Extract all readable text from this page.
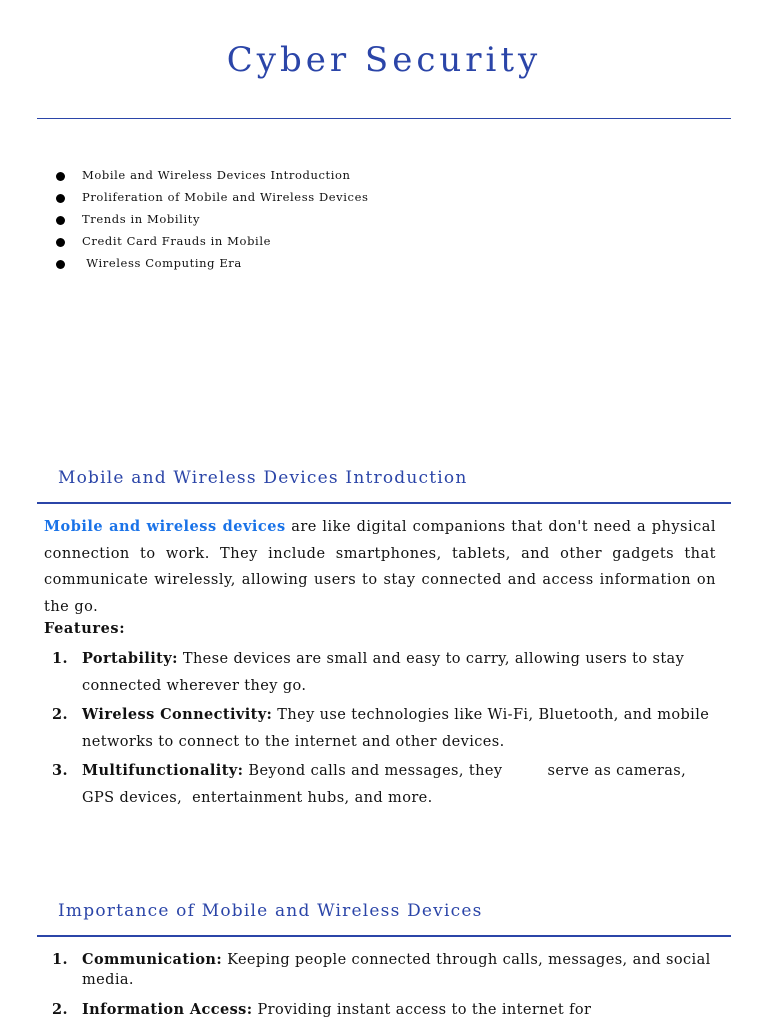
Cyber Security
Mobile and Wireless Devices Introduction
Proliferation of Mobile and Wireless Devices
Trends in Mobility
Credit Card Frauds in Mobile
Wireless Computing Era
Mobile and Wireless Devices Introduction

Mobile and wireless devices are like digital companions that don't need a physical connection to work. They include smartphones, tablets, and other gadgets that communicate wirelessly, allowing users to stay connected and access information on the go.

Features:

1. Portability: These devices are small and easy to carry, allowing users to stay connected wherever they go.
2. Wireless Connectivity: They use technologies like Wi-Fi, Bluetooth, and mobile networks to connect to the internet and other devices.
3. Multifunctionality: Beyond calls and messages, they         serve as cameras, GPS devices,  entertainment hubs, and more.
Importance of Mobile and Wireless Devices
1. Communication: Keeping people connected through calls, messages, and social media.
2. Information Access: Providing instant access to the internet for
